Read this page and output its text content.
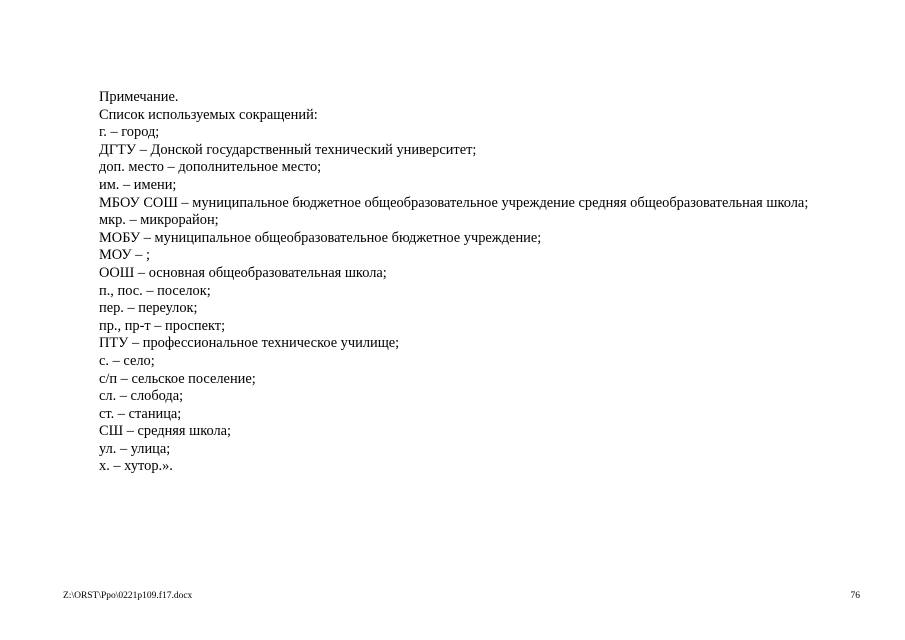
Примечание.

Список используемых сокращений:

г. – город;

ДГТУ – Донской государственный технический университет;

доп. место – дополнительное место;

им. – имени;

МБОУ СОШ – муниципальное бюджетное общеобразовательное учреждение средняя общеобразовательная школа;

мкр. – микрорайон;

МОБУ – муниципальное общеобразовательное бюджетное учреждение;

МОУ – ;

ООШ – основная общеобразовательная школа;

п., пос. – поселок;

пер. – переулок;

пр., пр-т – проспект;

ПТУ – профессиональное техническое училище;

с. – село;

с/п – сельское поселение;

сл. – слобода;

ст. – станица;

СШ – средняя школа;

ул. – улица;

х. – хутор.».

Z:\ORST\Ppo\0221p109.f17.docx	76
